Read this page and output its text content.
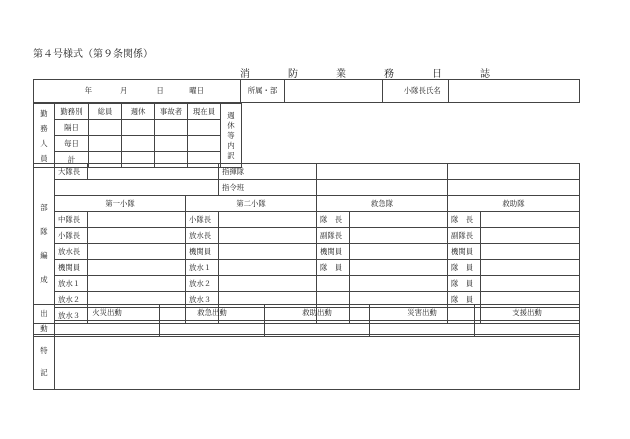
第４号様式（第９条関係）
消　防　業　務　日　誌
年	月	日	曜日	所属・部			小隊長氏名	
勤
務
人
員	勤務別	総員	週休	事故者	現在員	週
休
等
内
訳	

	隔日						
	毎日						
	計						
部
隊
編
成	大隊長			指揮隊				
				指令班				
	第一小隊		第二小隊		救急隊		救助隊	
	中隊長		小隊長		隊　長		隊　長	
	小隊長		放水長		副隊長		副隊長	
	放水長		機関員		機関員		機関員	
	機関員		放水１		隊　員		隊　員	
	放水１		放水２				隊　員	
	放水２		放水３				隊　員	
	放水３							
出
動	火災出動	救急出動	救助出動	災害出動	支援出動

特
記
